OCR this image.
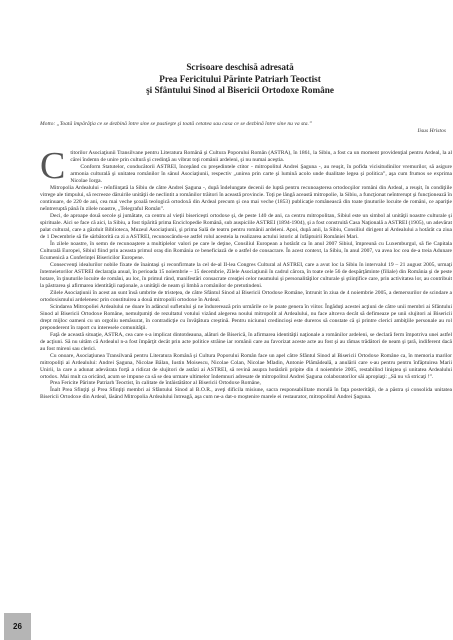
Scrisoare deschisă adresată
Prea Fericitului Părinte Patriarh Teoctist
şi Sfântului Sinod al Bisericii Ortodoxe Române
Motto: „Toată împărăţia ce se dezbină între sine se pustieşte şi toată cetatea sau casa ce se dezbină între sine nu va sta.”
Iisus Hristos

Ctitorilor Asociaţiunii Transilvane pentru Literatura Română şi Cultura Poporului Român (ASTRA), în 1861, la Sibiu, a fost ca un moment providenţial pentru Ardeal, la al cărei îndemn de unire prin cultură şi credinţă au vibrat toţi românii ardeleni, şi nu numai aceştia.

Conform Statutelor, conducătorii ASTREI, începând cu preşedintele ctitor - mitropolitul Andrei Şaguna -, au reuşit, în pofida vicisitudinilor vremurilor, să asigure armonia culturală şi unitatea românilor în sânul Asociaţiunii, respectiv „unirea prin carte şi lumină acolo unde dualitate legea şi politica”, aşa cum frumos se exprima Nicolae Iorga.

Mitropolia Ardealului - reînfiinţată la Sibiu de către Andrei Şaguna -, după îndelungate decenii de luptă pentru recunoaşterea ortodocşilor români din Ardeal, a reuşit, în condiţiile vitrege ale timpului, să recreeze dăruirile unităţii de neclintit a românilor trăitori în aceastǎ provincie. Toţi pe lângă această mitropolie, la Sibiu, a funcţionat neîntrerupt şi funcţionează în continuare, de 220 de ani, cea mai veche şcoală teologică ortodoxă din Ardeal precum şi cea mai veche (1853) publicaţie românească din toate ţinuturile locuite de români, ce apariţie neîntreruptă până în zilele noastre, „Telegraful Român”.

Deci, de aproape două secole şi jumătate, ca centru al vieţii bisericeşti ortodoxe şi, de peste 140 de ani, ca centru mitropolitan, Sibiul este un simbol al unităţii noastre culturale şi spirituale. Aici se face că aici, la Sibiu, a fost tipărită prima Enciclopedie Română, sub auspiciile ASTREI (1894-1904), şi a fost construită Casa Naţională a ASTREI (1905), un adevărat palat cultural, care a găzduit Biblioteca, Muzeul Asociaţiunii, şi prima Sală de teatru pentru românii ardeleni. Apoi, după anii, la Sibiu, Consiliul dirigent al Ardealului a hotărât ca ziua de 1 Decembrie să fie sărbătorită ca zi a ASTREI, recunoscându-se astfel rolul acesteia la realizarea actului istoric al înfăptuirii României Mari.

În zilele noastre, în semn de recunoaştere a multiplelor valori pe care le deţine, Consiliul European a hotărât ca în anul 2007 Sibiul, împreună cu Luxemburgul, să fie Capitala Culturală Europei, Sibiul fiind prin aceasta primul oraş din România ce beneficiază de o astfel de consacrare. În acest context, la Sibiu, în anul 2007, va avea loc cea de-a treia Adunare Ecumenică a Conferinţei Bisericilor Europene.

Consecvenţi idealurilor nobile fixate de înaintaşi şi reconfirmate la cel de-al II-lea Congres Cultural al ASTREI, care a avut loc la Sibiu în intervalul 19 – 21 august 2005, urmaţi întemeietorilor ASTREI declaraţia anual, în perioada 15 noiembrie – 15 decembrie, Zilele Asociaţiunii în cadrul cărora, în toate cele 56 de despărţăminte (filiale) din România şi de peste hotare, în ţinuturile locuite de români, au loc, în primul rând, manifestări consacrate creaţiei celor neamului şi personalităţilor culturale şi ştiinţifice care, prin activitatea lor, au contribuit la păstrarea şi afirmarea identităţii naţionale, a unităţii de neam şi limbă a românilor de pretutindeni.

Zilele Asociaţiunii în acest an sunt însă umbrite de tristeţea, de către Sfântul Sinod al Bisericii Ortodoxe Române, întrunit în ziua de 4 noiembrie 2005, a demersurilor de scindare a ortodoxismului ardelenesc prin constituirea a două mitropolii ortodoxe în Ardeal.

Scindarea Mitropoliei Ardealului ne doare în adâncul sufletului şi ne îndurerează prin urmările ce le poate genera în viitor. Îngăduţi acestei acţiuni de către unii membri ai Sfântului Sinod al Bisericii Ortodoxe Române, nemulţumiţi de rezultatul votului vizând alegerea noului mitropolit al Ardealului, nu face altceva decât să defimeaze pe unii slujitori ai Bisericii drept mijloc oameni cu un orgoliu nemăsurat, în contradicţie cu învăţătura creştină. Pentru niciunul credincioşi este dureros să constate că şi printre clerici ambiţiile personale au rol preponderent în raport cu interesele comunităţii.

Faţă de această situaţie, ASTRA, cea care s-a implicat dintotdeauna, alături de Biserică, în afirmarea identităţii naţionale a românilor ardeleni, se declară ferm împotriva unei astfel de acţiuni. Să nu uităm că Ardealul n-a fost împărţit decât prin acte politice străine iar românii care au favorizat aceste acte au fost şi au rămas trădători de neam şi ţară, indiferent dacă au fost mireni sau clerici.

Cu onoare, Asociaţiunea Transilvană pentru Literatura Română şi Cultura Poporului Român face un apel către Sfântul Sinod al Bisericii Ortodoxe Române ca, în memoria marilor mitropoliţi ai Ardealului: Andrei Şaguna, Nicolae Bălan, Iustin Moisescu, Nicolae Colan, Nicolae Mladin, Antonie Plămădeală, a anulării care s-au pentru pentru înfăptuirea Marii Unirii, la care a adunat adevărata forţă a ridicat de slujitori de astăzi ai ASTREI, să revină asupra hotărârii pripite din 4 noiembrie 2005, restabilind liniştea şi unitatea Ardealului ortodox. Mai mult ca oricând, acum se impune ca să se dea urmare ultimelor îndemnuri adresate de mitropolitul Andrei Şaguna colaboratorilor săi apropiaţi: „Să nu vă stricaţi !”.

Prea Fericite Părinte Patriarh Teoctist, în calitate de întâistătător al Bisericii Ortodoxe Române,

Înalt Prea Sfinţiţi şi Prea Sfinţiţi membri ai Sfântului Sinod al B.O.R., aveţi dificila misiune, sacra responsabilitate morală în faţa posterităţii, de a păstra şi consolida unitatea Bisericii Ortodoxe din Ardeal, lăsând Mitropolia Ardealului întreagă, aşa cum ne-a dat-o moştenire marele ei restaurator, mitropolitul Andrei Şaguna.

26
